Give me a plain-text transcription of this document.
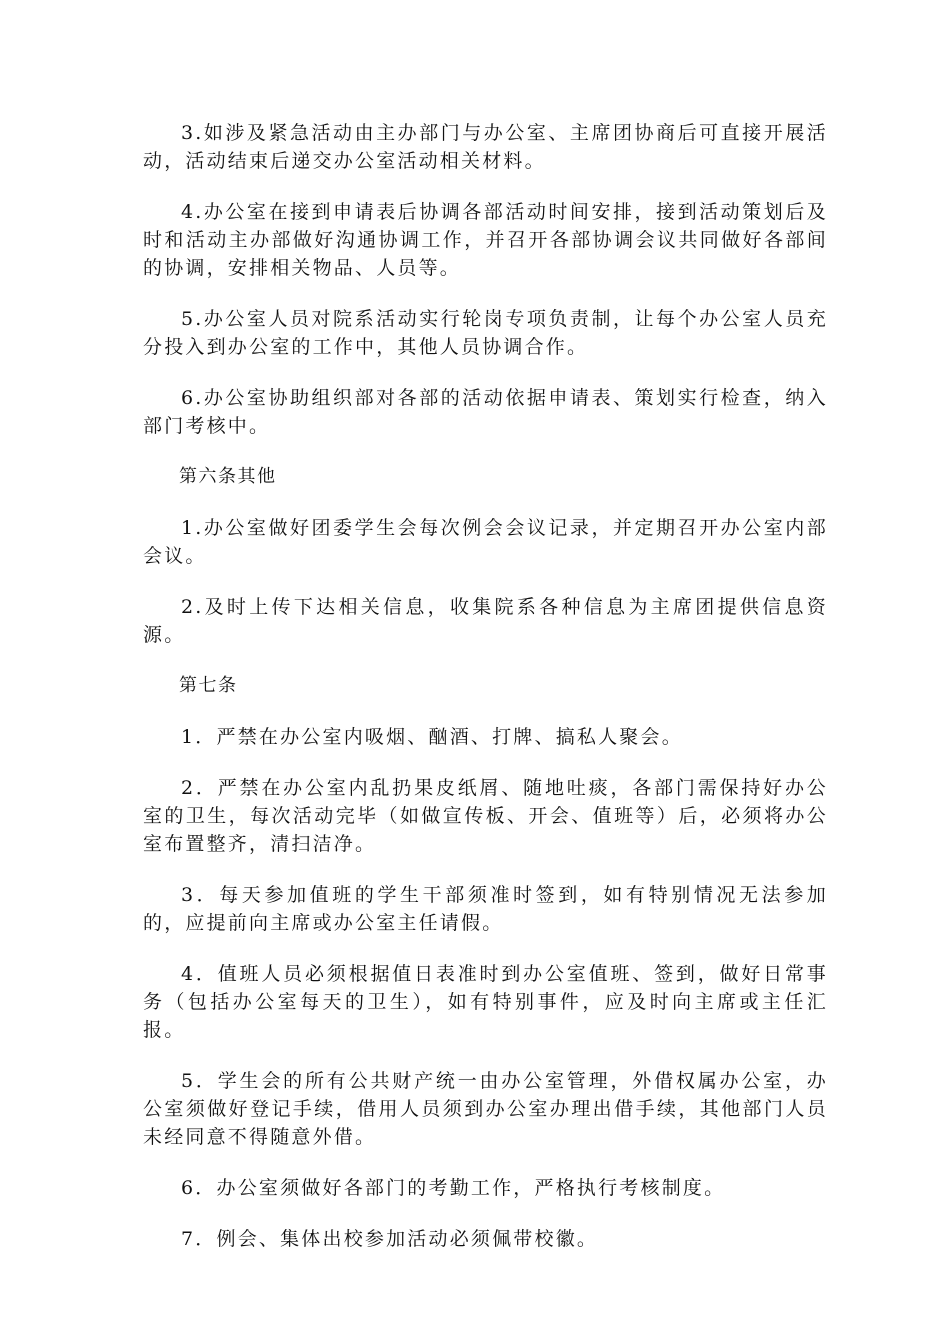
3.如涉及紧急活动由主办部门与办公室、主席团协商后可直接开展活动，活动结束后递交办公室活动相关材料。

4.办公室在接到申请表后协调各部活动时间安排，接到活动策划后及时和活动主办部做好沟通协调工作，并召开各部协调会议共同做好各部间的协调，安排相关物品、人员等。

5.办公室人员对院系活动实行轮岗专项负责制，让每个办公室人员充分投入到办公室的工作中，其他人员协调合作。

6.办公室协助组织部对各部的活动依据申请表、策划实行检查，纳入部门考核中。

第六条其他

1.办公室做好团委学生会每次例会会议记录，并定期召开办公室内部会议。

2.及时上传下达相关信息，收集院系各种信息为主席团提供信息资源。

第七条

1．严禁在办公室内吸烟、酗酒、打牌、搞私人聚会。

2．严禁在办公室内乱扔果皮纸屑、随地吐痰，各部门需保持好办公室的卫生，每次活动完毕（如做宣传板、开会、值班等）后，必须将办公室布置整齐，清扫洁净。

3．每天参加值班的学生干部须准时签到，如有特别情况无法参加的，应提前向主席或办公室主任请假。

4．值班人员必须根据值日表准时到办公室值班、签到，做好日常事务（包括办公室每天的卫生），如有特别事件，应及时向主席或主任汇报。

5．学生会的所有公共财产统一由办公室管理，外借权属办公室，办公室须做好登记手续，借用人员须到办公室办理出借手续，其他部门人员未经同意不得随意外借。

6．办公室须做好各部门的考勤工作，严格执行考核制度。

7．例会、集体出校参加活动必须佩带校徽。
